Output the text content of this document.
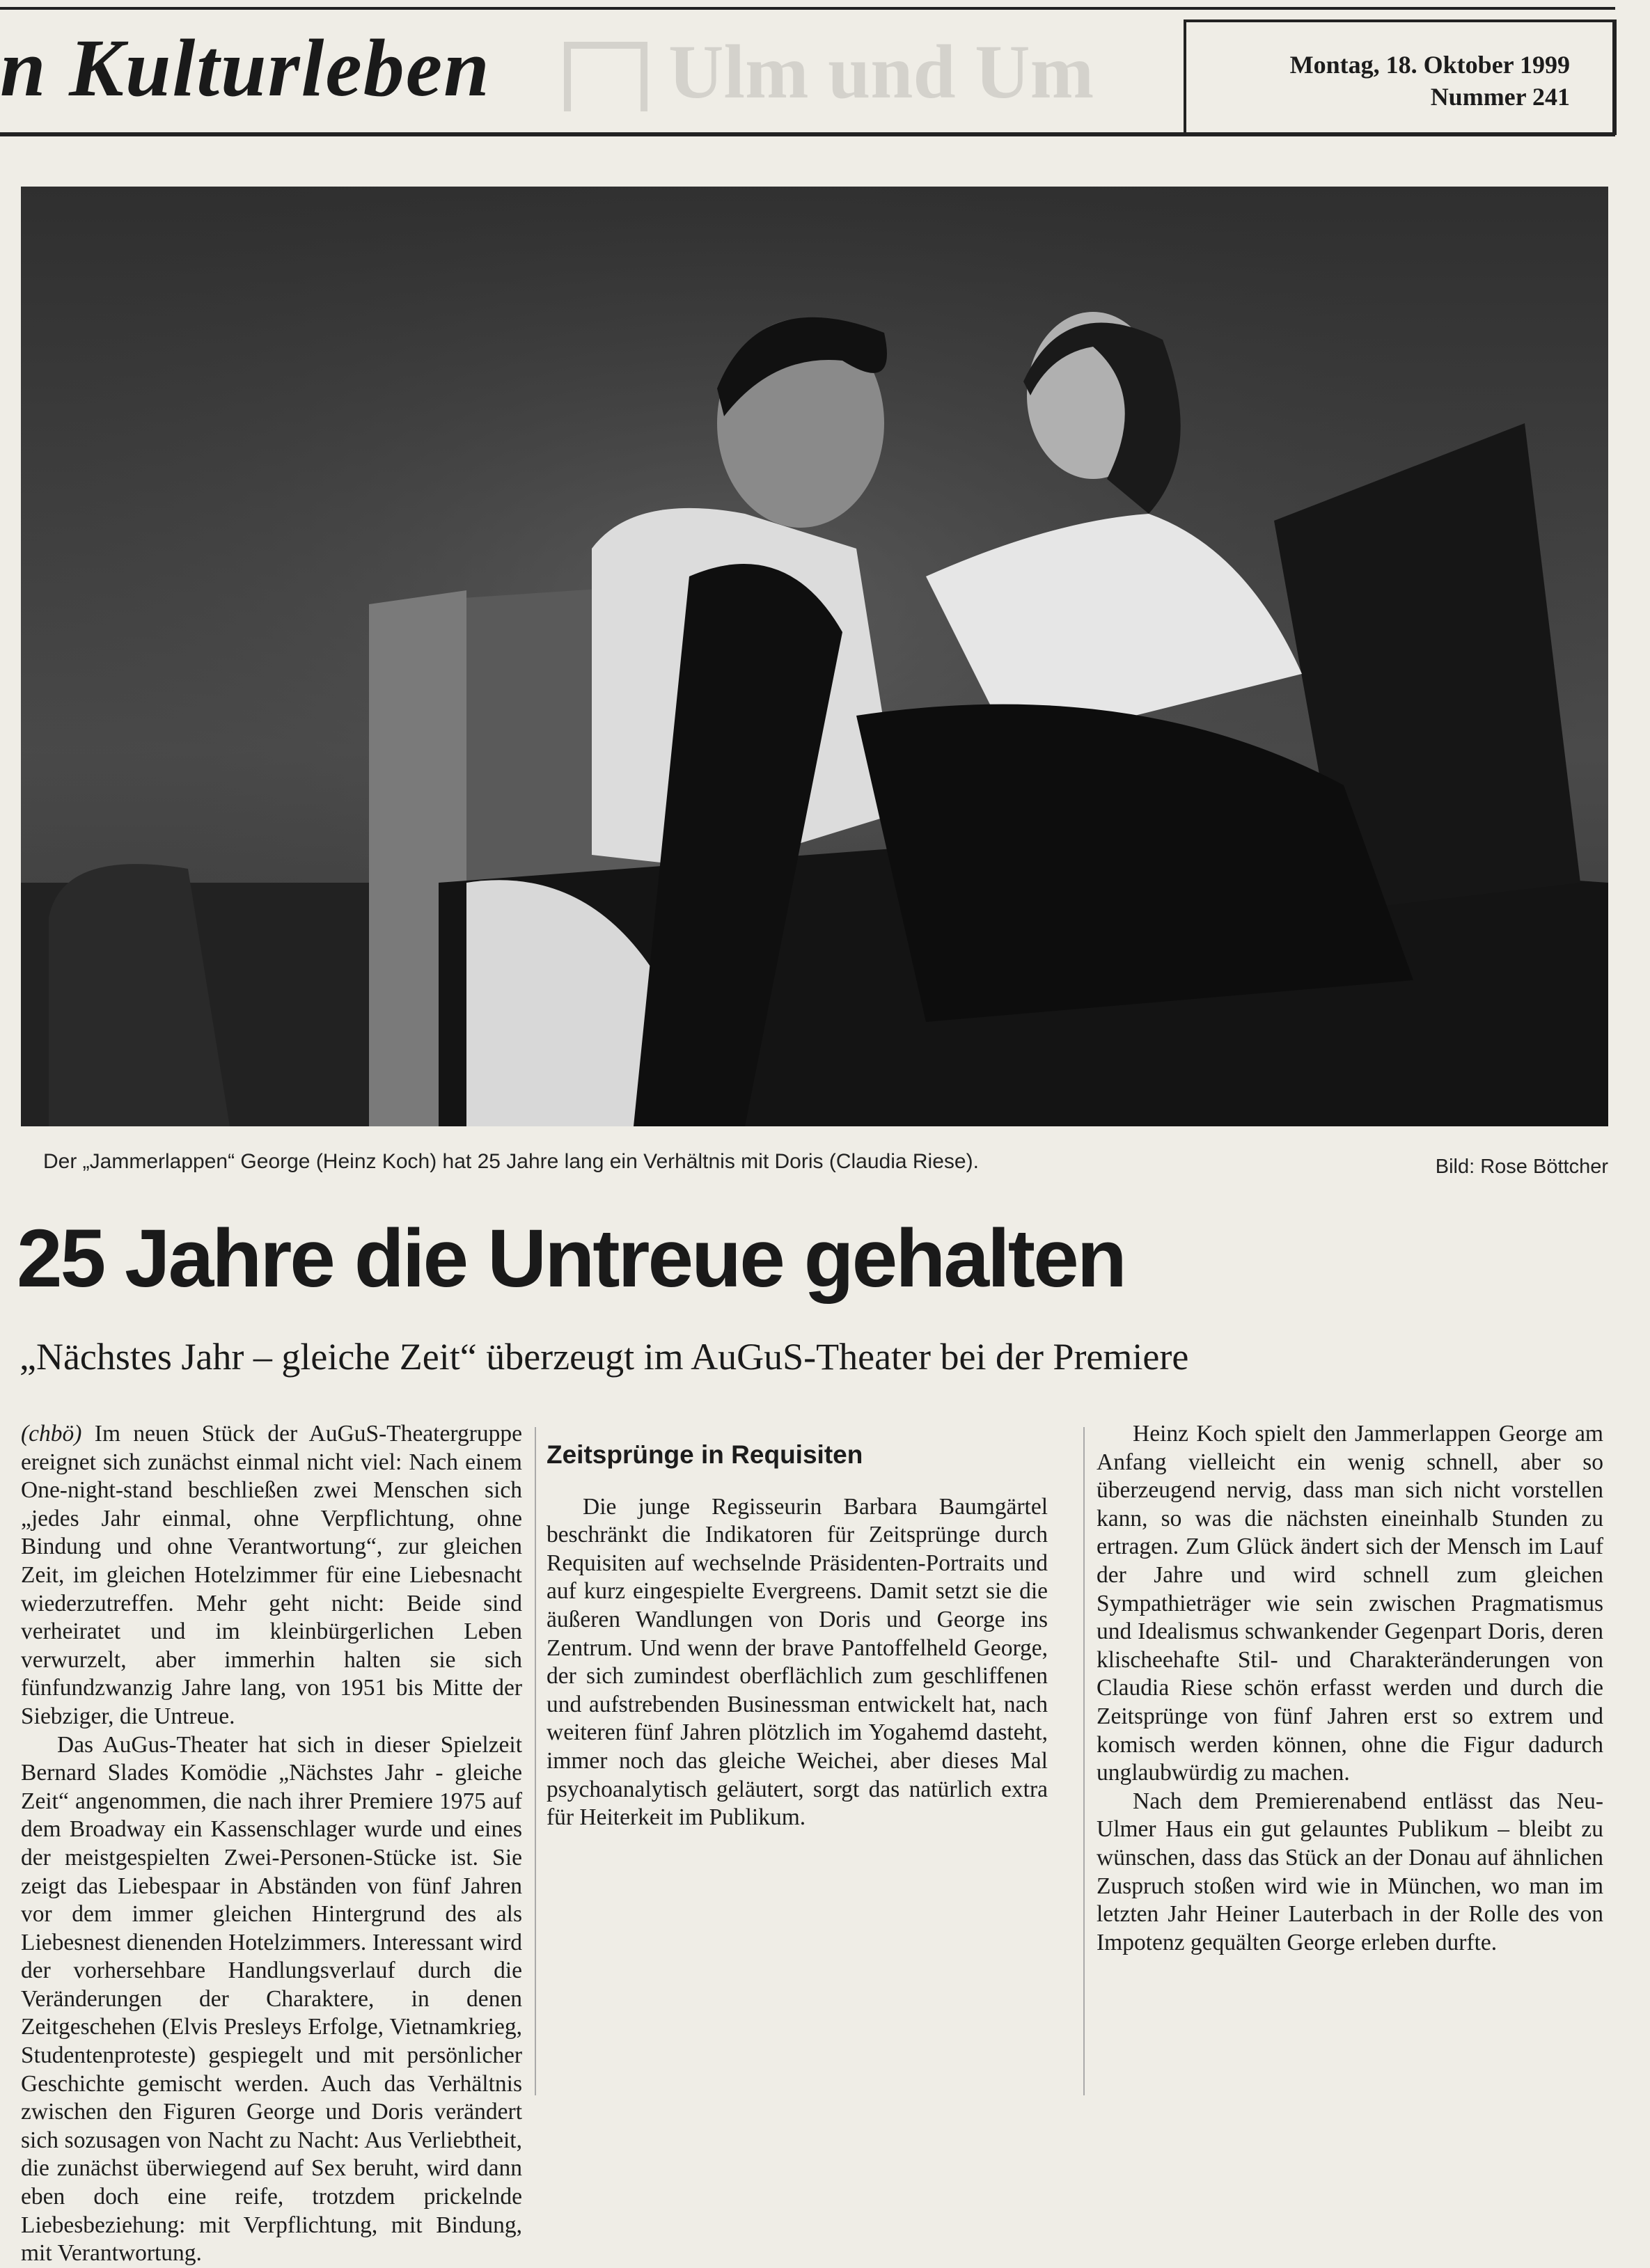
n Kulturleben	Ulm und Um	Montag, 18. Oktober 1999
Nummer 241
Der „Jammerlappen“ George (Heinz Koch) hat 25 Jahre lang ein Verhältnis mit Doris (Claudia Riese).	Bild: Rose Böttcher
25 Jahre die Untreue gehalten
„Nächstes Jahr – gleiche Zeit“ überzeugt im AuGuS-Theater bei der Premiere

(chbö) Im neuen Stück der AuGuS-Theatergruppe ereignet sich zunächst einmal nicht viel: Nach einem One-night-stand beschließen zwei Menschen sich „jedes Jahr einmal, ohne Verpflichtung, ohne Bindung und ohne Verantwortung“, zur gleichen Zeit, im gleichen Hotelzimmer für eine Liebesnacht wiederzutreffen. Mehr geht nicht: Beide sind verheiratet und im kleinbürgerlichen Leben verwurzelt, aber immerhin halten sie sich fünfundzwanzig Jahre lang, von 1951 bis Mitte der Siebziger, die Untreue.

Das AuGus-Theater hat sich in dieser Spielzeit Bernard Slades Komödie „Nächstes Jahr - gleiche Zeit“ angenommen, die nach ihrer Premiere 1975 auf dem Broadway ein Kassenschlager wurde und eines der meistgespielten Zwei-Personen-Stücke ist. Sie zeigt das Liebespaar in Abständen von fünf Jahren vor dem immer gleichen Hintergrund des als Liebesnest dienenden Hotelzimmers. Interessant wird der vorhersehbare Handlungsverlauf durch die Veränderungen der Charaktere, in denen Zeitgeschehen (Elvis Presleys Erfolge, Vietnamkrieg, Studentenproteste) gespiegelt und mit persönlicher Geschichte gemischt werden. Auch das Verhältnis zwischen den Figuren George und Doris verändert sich sozusagen von Nacht zu Nacht: Aus Verliebtheit, die zunächst überwiegend auf Sex beruht, wird dann eben doch eine reife, trotzdem prickelnde Liebesbeziehung: mit Verpflichtung, mit Bindung, mit Verantwortung.

Zeitsprünge in Requisiten

Die junge Regisseurin Barbara Baumgärtel beschränkt die Indikatoren für Zeitsprünge durch Requisiten auf wechselnde Präsidenten-Portraits und auf kurz eingespielte Evergreens. Damit setzt sie die äußeren Wandlungen von Doris und George ins Zentrum. Und wenn der brave Pantoffelheld George, der sich zumindest oberflächlich zum geschliffenen und aufstrebenden Businessman entwickelt hat, nach weiteren fünf Jahren plötzlich im Yogahemd dasteht, immer noch das gleiche Weichei, aber dieses Mal psychoanalytisch geläutert, sorgt das natürlich extra für Heiterkeit im Publikum.

Heinz Koch spielt den Jammerlappen George am Anfang vielleicht ein wenig schnell, aber so überzeugend nervig, dass man sich nicht vorstellen kann, so was die nächsten eineinhalb Stunden zu ertragen. Zum Glück ändert sich der Mensch im Lauf der Jahre und wird schnell zum gleichen Sympathieträger wie sein zwischen Pragmatismus und Idealismus schwankender Gegenpart Doris, deren klischeehafte Stil- und Charakteränderungen von Claudia Riese schön erfasst werden und durch die Zeitsprünge von fünf Jahren erst so extrem und komisch werden können, ohne die Figur dadurch unglaubwürdig zu machen.

Nach dem Premierenabend entlässt das Neu-Ulmer Haus ein gut gelauntes Publikum – bleibt zu wünschen, dass das Stück an der Donau auf ähnlichen Zuspruch stoßen wird wie in München, wo man im letzten Jahr Heiner Lauterbach in der Rolle des von Impotenz gequälten George erleben durfte.
